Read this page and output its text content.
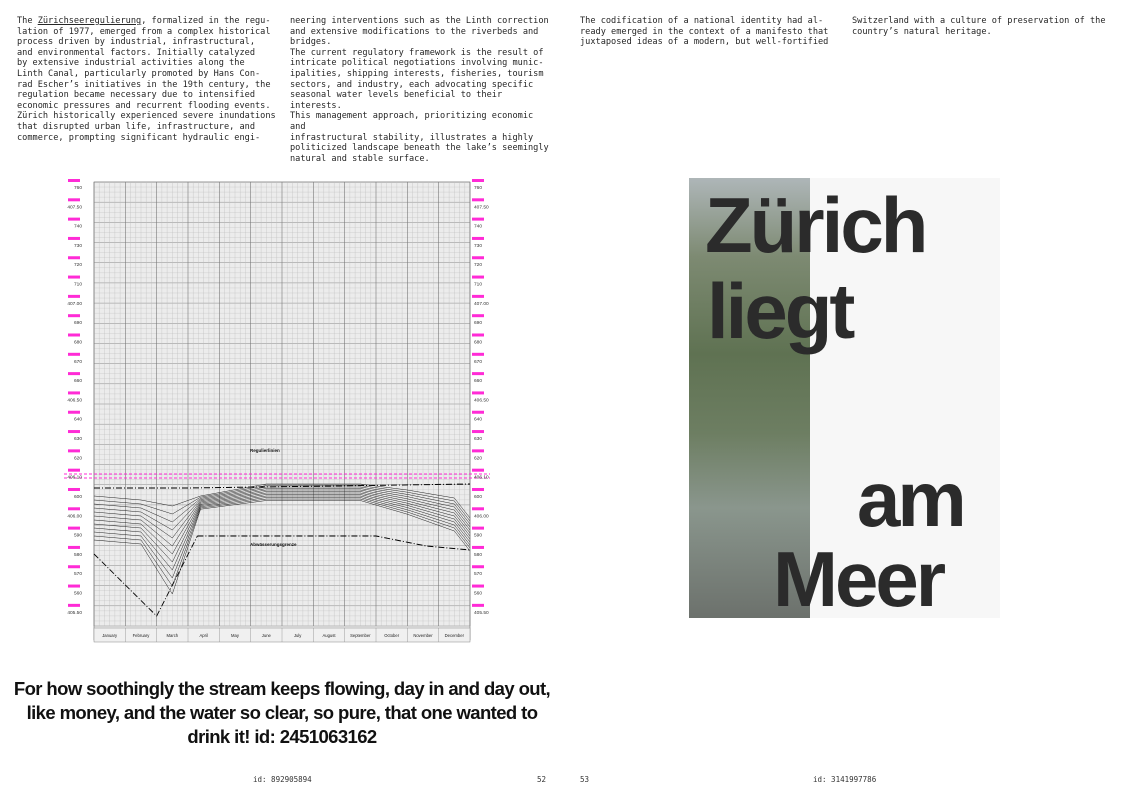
The Zürichseeregulierung, formalized in the regu-
lation of 1977, emerged from a complex historical
process driven by industrial, infrastructural,
and environmental factors. Initially catalyzed
by extensive industrial activities along the
Linth Canal, particularly promoted by Hans Con-
rad Escher’s initiatives in the 19th century, the
regulation became necessary due to intensified
economic pressures and recurrent flooding events.
Zürich historically experienced severe inundations
that disrupted urban life, infrastructure, and
commerce, prompting significant hydraulic engi-
neering interventions such as the Linth correction
and extensive modifications to the riverbeds and
bridges.
The current regulatory framework is the result of
intricate political negotiations involving munic-
ipalities, shipping interests, fisheries, tourism
sectors, and industry, each advocating specific
seasonal water levels beneficial to their interests.
This management approach, prioritizing economic and
infrastructural stability, illustrates a highly
politicized landscape beneath the lake’s seemingly
natural and stable surface.
The codification of a national identity had al-
ready emerged in the context of a manifesto that
juxtaposed ideas of a modern, but well-fortified
Switzerland with a culture of preservation of the
country’s natural heritage.
760
407.50
740
730
720
710
407.00
690
680
670
660
406.50
640
630
620
406.10
600
406.00
590
580
570
560
405.50
760
407.50
740
730
720
710
407.00
690
680
670
660
406.50
640
630
620
406.10
600
406.00
590
580
570
560
405.50
January	February	March	April	May	June	July	August	September	October	November	December
Regulierlinien
Abwässerungsgrenze
For how soothingly the stream keeps flowing, day in and day out, like money, and the water so clear, so pure, that one wanted to drink it! id: 2451063162
id: 892905894	52	53	id: 3141997786
Zürich
liegt
am
Meer
